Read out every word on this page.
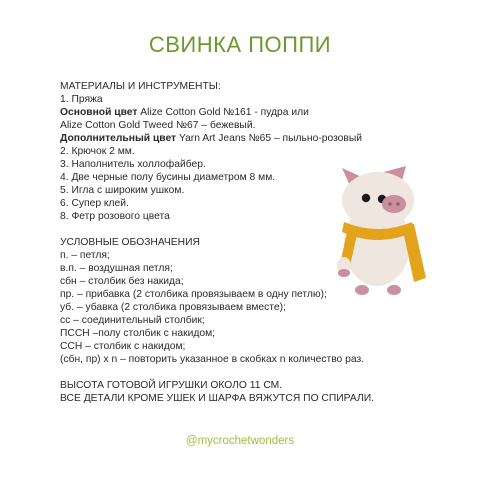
СВИНКА ПОППИ
МАТЕРИАЛЫ И ИНСТРУМЕНТЫ:
1. Пряжа
Основной цвет Alize Cotton Gold №161 - пудра или
Alize Cotton Gold Tweed №67 – бежевый.
Дополнительный цвет Yarn Art Jeans №65 – пыльно-розовый
2. Крючок 2 мм.
3. Наполнитель холлофайбер.
4. Две черные полу бусины диаметром 8 мм.
5. Игла с широким ушком.
6. Супер клей.
8. Фетр розового цвета
УСЛОВНЫЕ ОБОЗНАЧЕНИЯ
п. – петля;
в.п. – воздушная петля;
сбн – столбик без накида;
пр. – прибавка (2 столбика провязываем в одну петлю);
уб. – убавка (2 столбика провязываем вместе);
сс – соединительный столбик;
ПССН –полу столбик с накидом;
ССН – столбик с накидом;
(сбн, пр) х n – повторить указанное в скобках n количество раз.
ВЫСОТА ГОТОВОЙ ИГРУШКИ ОКОЛО 11 СМ.
ВСЕ ДЕТАЛИ КРОМЕ УШЕК И ШАРФА ВЯЖУТСЯ ПО СПИРАЛИ.
@mycrochetwonders
